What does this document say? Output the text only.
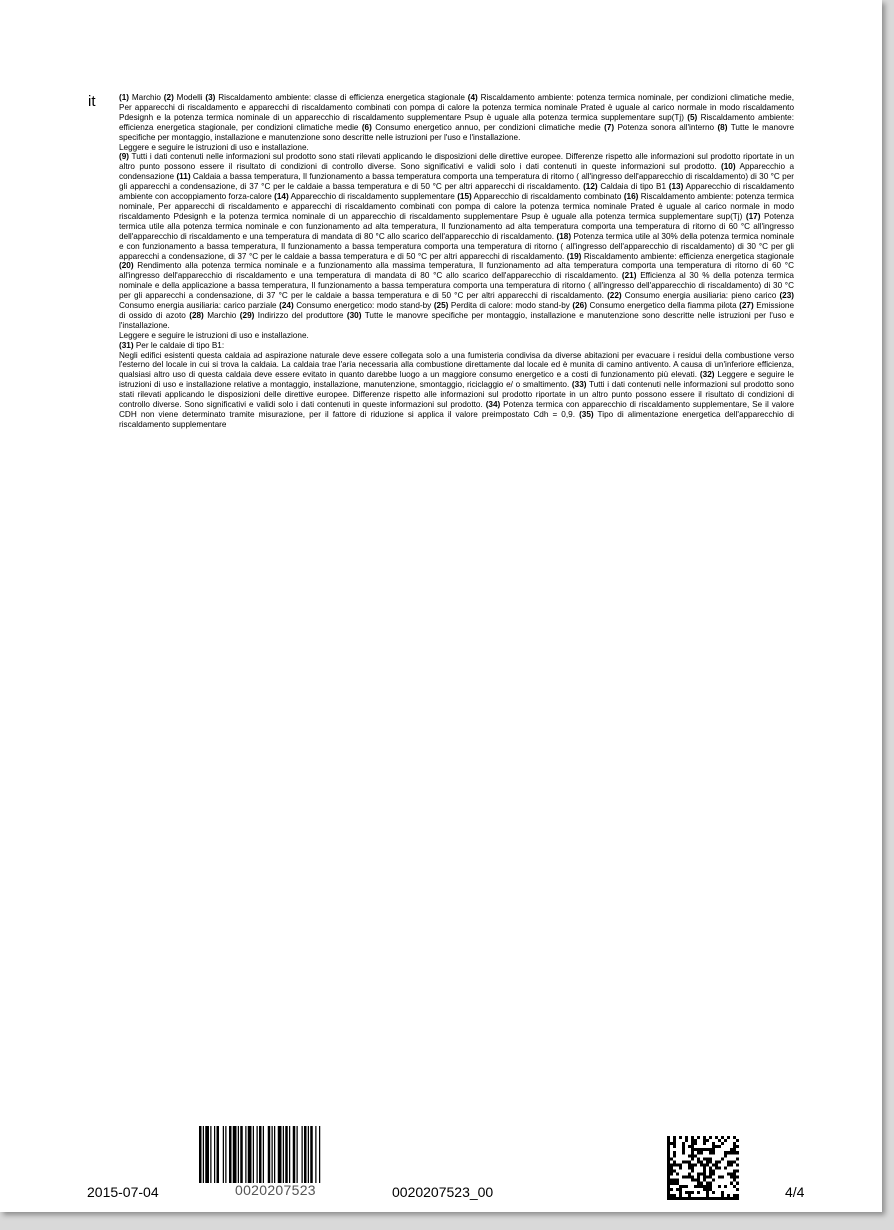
it	(1) Marchio (2) Modelli (3) Riscaldamento ambiente: classe di efficienza energetica stagionale (4) Riscaldamento ambiente: potenza termica nominale, per condizioni climatiche medie, Per apparecchi di riscaldamento e apparecchi di riscaldamento combinati con pompa di calore la potenza termica nominale Prated è uguale al carico normale in modo riscaldamento Pdesignh e la potenza termica nominale di un apparecchio di riscaldamento supplementare Psup è uguale alla potenza termica supplementare sup(Tj) (5) Riscaldamento ambiente: efficienza energetica stagionale, per condizioni climatiche medie (6) Consumo energetico annuo, per condizioni climatiche medie (7) Potenza sonora all'interno (8) Tutte le manovre specifiche per montaggio, installazione e manutenzione sono descritte nelle istruzioni per l'uso e l'installazione.

Leggere e seguire le istruzioni di uso e installazione.

(9) Tutti i dati contenuti nelle informazioni sul prodotto sono stati rilevati applicando le disposizioni delle direttive europee. Differenze rispetto alle informazioni sul prodotto riportate in un altro punto possono essere il risultato di condizioni di controllo diverse. Sono significativi e validi solo i dati contenuti in queste informazioni sul prodotto. (10) Apparecchio a condensazione (11) Caldaia a bassa temperatura, Il funzionamento a bassa temperatura comporta una temperatura di ritorno ( all'ingresso dell'apparecchio di riscaldamento) di 30 °C per gli apparecchi a condensazione, di 37 °C per le caldaie a bassa temperatura e di 50 °C per altri apparecchi di riscaldamento. (12) Caldaia di tipo B1 (13) Apparecchio di riscaldamento ambiente con accoppiamento forza-calore (14) Apparecchio di riscaldamento supplementare (15) Apparecchio di riscaldamento combinato (16) Riscaldamento ambiente: potenza termica nominale, Per apparecchi di riscaldamento e apparecchi di riscaldamento combinati con pompa di calore la potenza termica nominale Prated è uguale al carico normale in modo riscaldamento Pdesignh e la potenza termica nominale di un apparecchio di riscaldamento supplementare Psup è uguale alla potenza termica supplementare sup(Tj) (17) Potenza termica utile alla potenza termica nominale e con funzionamento ad alta temperatura, Il funzionamento ad alta temperatura comporta una temperatura di ritorno di 60 °C all'ingresso dell'apparecchio di riscaldamento e una temperatura di mandata di 80 °C allo scarico dell'apparecchio di riscaldamento. (18) Potenza termica utile al 30% della potenza termica nominale e con funzionamento a bassa temperatura, Il funzionamento a bassa temperatura comporta una temperatura di ritorno ( all'ingresso dell'apparecchio di riscaldamento) di 30 °C per gli apparecchi a condensazione, di 37 °C per le caldaie a bassa temperatura e di 50 °C per altri apparecchi di riscaldamento. (19) Riscaldamento ambiente: efficienza energetica stagionale (20) Rendimento alla potenza termica nominale e a funzionamento alla massima temperatura, Il funzionamento ad alta temperatura comporta una temperatura di ritorno di 60 °C all'ingresso dell'apparecchio di riscaldamento e una temperatura di mandata di 80 °C allo scarico dell'apparecchio di riscaldamento. (21) Efficienza al 30 % della potenza termica nominale e della applicazione a bassa temperatura, Il funzionamento a bassa temperatura comporta una temperatura di ritorno ( all'ingresso dell'apparecchio di riscaldamento) di 30 °C per gli apparecchi a condensazione, di 37 °C per le caldaie a bassa temperatura e di 50 °C per altri apparecchi di riscaldamento. (22) Consumo energia ausiliaria: pieno carico (23) Consumo energia ausiliaria: carico parziale (24) Consumo energetico: modo stand-by (25) Perdita di calore: modo stand-by (26) Consumo energetico della fiamma pilota (27) Emissione di ossido di azoto (28) Marchio (29) Indirizzo del produttore (30) Tutte le manovre specifiche per montaggio, installazione e manutenzione sono descritte nelle istruzioni per l'uso e l'installazione.

Leggere e seguire le istruzioni di uso e installazione.

(31) Per le caldaie di tipo B1:

Negli edifici esistenti questa caldaia ad aspirazione naturale deve essere collegata solo a una fumisteria condivisa da diverse abitazioni per evacuare i residui della combustione verso l'esterno del locale in cui si trova la caldaia. La caldaia trae l'aria necessaria alla combustione direttamente dal locale ed è munita di camino antivento. A causa di un'inferiore efficienza, qualsiasi altro uso di questa caldaia deve essere evitato in quanto darebbe luogo a un maggiore consumo energetico e a costi di funzionamento più elevati. (32) Leggere e seguire le istruzioni di uso e installazione relative a montaggio, installazione, manutenzione, smontaggio, riciclaggio e/ o smaltimento. (33) Tutti i dati contenuti nelle informazioni sul prodotto sono stati rilevati applicando le disposizioni delle direttive europee. Differenze rispetto alle informazioni sul prodotto riportate in un altro punto possono essere il risultato di condizioni di controllo diverse. Sono significativi e validi solo i dati contenuti in queste informazioni sul prodotto. (34) Potenza termica con apparecchio di riscaldamento supplementare, Se il valore CDH non viene determinato tramite misurazione, per il fattore di riduzione si applica il valore preimpostato Cdh = 0,9. (35) Tipo di alimentazione energetica dell'apparecchio di riscaldamento supplementare

0020207523
2015-07-04	0020207523_00	4/4
